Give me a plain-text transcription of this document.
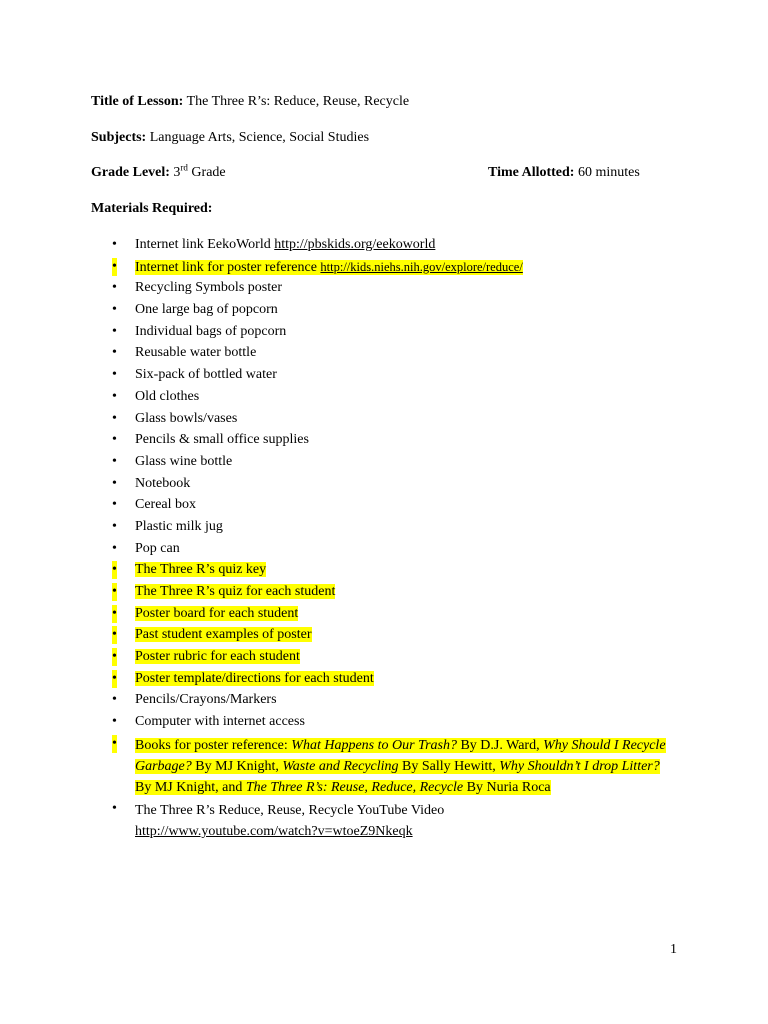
Title of Lesson: The Three R’s: Reduce, Reuse, Recycle
Subjects: Language Arts, Science, Social Studies
Grade Level: 3rd Grade	Time Allotted: 60 minutes
Materials Required:
• Internet link EekoWorld http://pbskids.org/eekoworld
• Internet link for poster reference http://kids.niehs.nih.gov/explore/reduce/
• Recycling Symbols poster
• One large bag of popcorn
• Individual bags of popcorn
• Reusable water bottle
• Six-pack of bottled water
• Old clothes
• Glass bowls/vases
• Pencils & small office supplies
• Glass wine bottle
• Notebook
• Cereal box
• Plastic milk jug
• Pop can
• The Three R’s quiz key
• The Three R’s quiz for each student
• Poster board for each student
• Past student examples of poster
• Poster rubric for each student
• Poster template/directions for each student
• Pencils/Crayons/Markers
• Computer with internet access
• Books for poster reference: What Happens to Our Trash? By D.J. Ward, Why Should I Recycle Garbage? By MJ Knight, Waste and Recycling By Sally Hewitt, Why Shouldn’t I drop Litter? By MJ Knight, and The Three R’s: Reuse, Reduce, Recycle By Nuria Roca
• The Three R’s Reduce, Reuse, Recycle YouTube Video
http://www.youtube.com/watch?v=wtoeZ9Nkeqk
1
